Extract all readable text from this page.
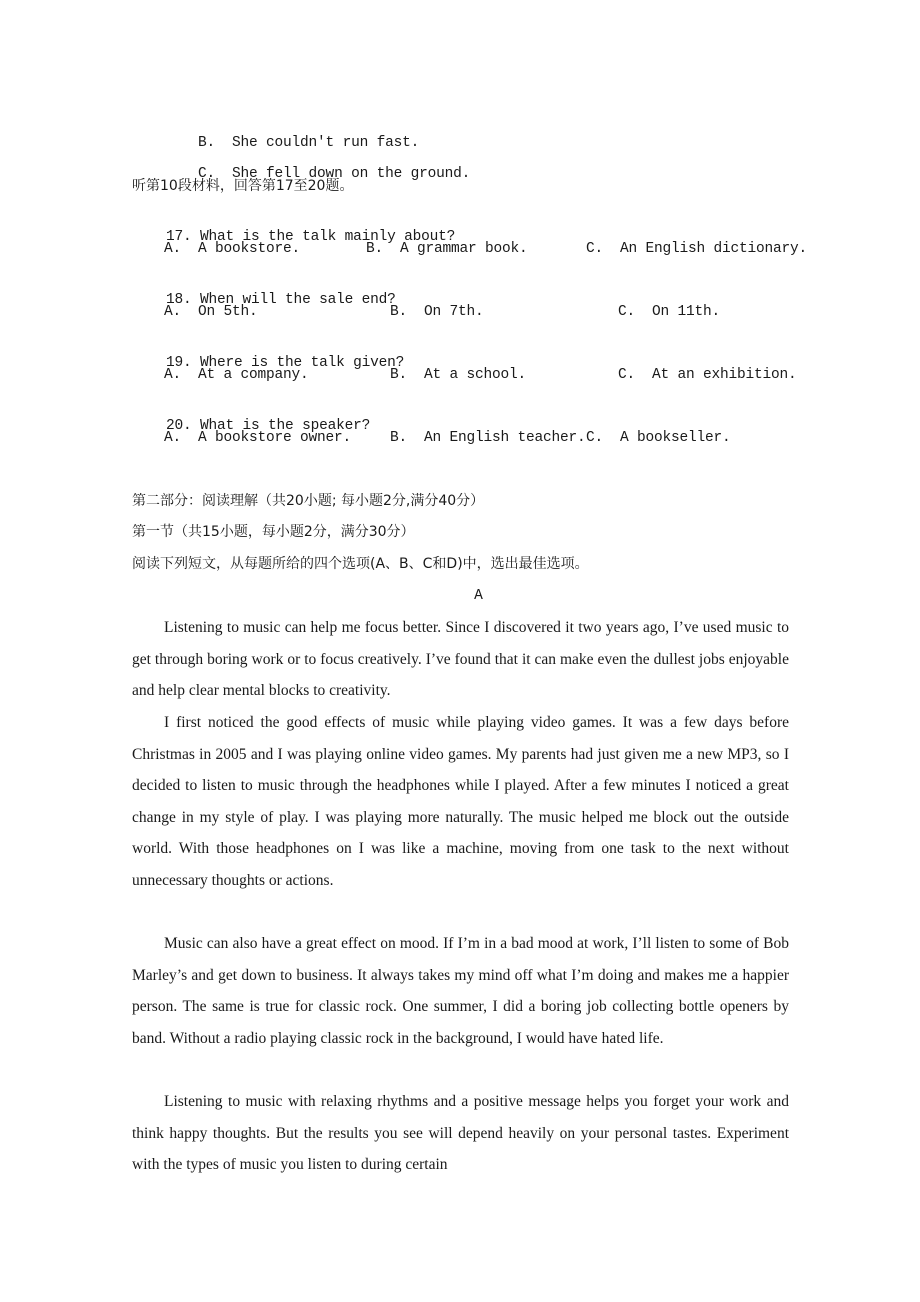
B. She couldn't run fast.

C. She fell down on the ground.

听第10段材料，回答第17至20题。

17. What is the talk mainly about?

A. A bookstore.	B. A grammar book.	C. An English dictionary.

18. When will the sale end?

A. On 5th.	B. On 7th.	C. On 11th.

19. Where is the talk given?

A. At a company.	B. At a school.	C. At an exhibition.

20. What is the speaker?

A. A bookstore owner.	B. An English teacher. C. A bookseller.
第二部分：阅读理解（共20小题; 每小题2分,满分40分）
第一节（共15小题，每小题2分，满分30分）
阅读下列短文，从每题所给的四个选项(A、B、C和D)中，选出最佳选项。
A
Listening to music can help me focus better. Since I discovered it two years ago, I’ve used music to get through boring work or to focus creatively. I’ve found that it can make even the dullest jobs enjoyable and help clear mental blocks to creativity.
I first noticed the good effects of music while playing video games. It was a few days before Christmas in 2005 and I was playing online video games. My parents had just given me a new MP3, so I decided to listen to music through the headphones while I played. After a few minutes I noticed a great change in my style of play. I was playing more naturally. The music helped me block out the outside world. With those headphones on I was like a machine, moving from one task to the next without unnecessary thoughts or actions.
Music can also have a great effect on mood. If I’m in a bad mood at work, I’ll listen to some of Bob Marley’s and get down to business. It always takes my mind off what I’m doing and makes me a happier person. The same is true for classic rock. One summer, I did a boring job collecting bottle openers by band. Without a radio playing classic rock in the background, I would have hated life.
Listening to music with relaxing rhythms and a positive message helps you forget your work and think happy thoughts. But the results you see will depend heavily on your personal tastes. Experiment with the types of music you listen to during certain
